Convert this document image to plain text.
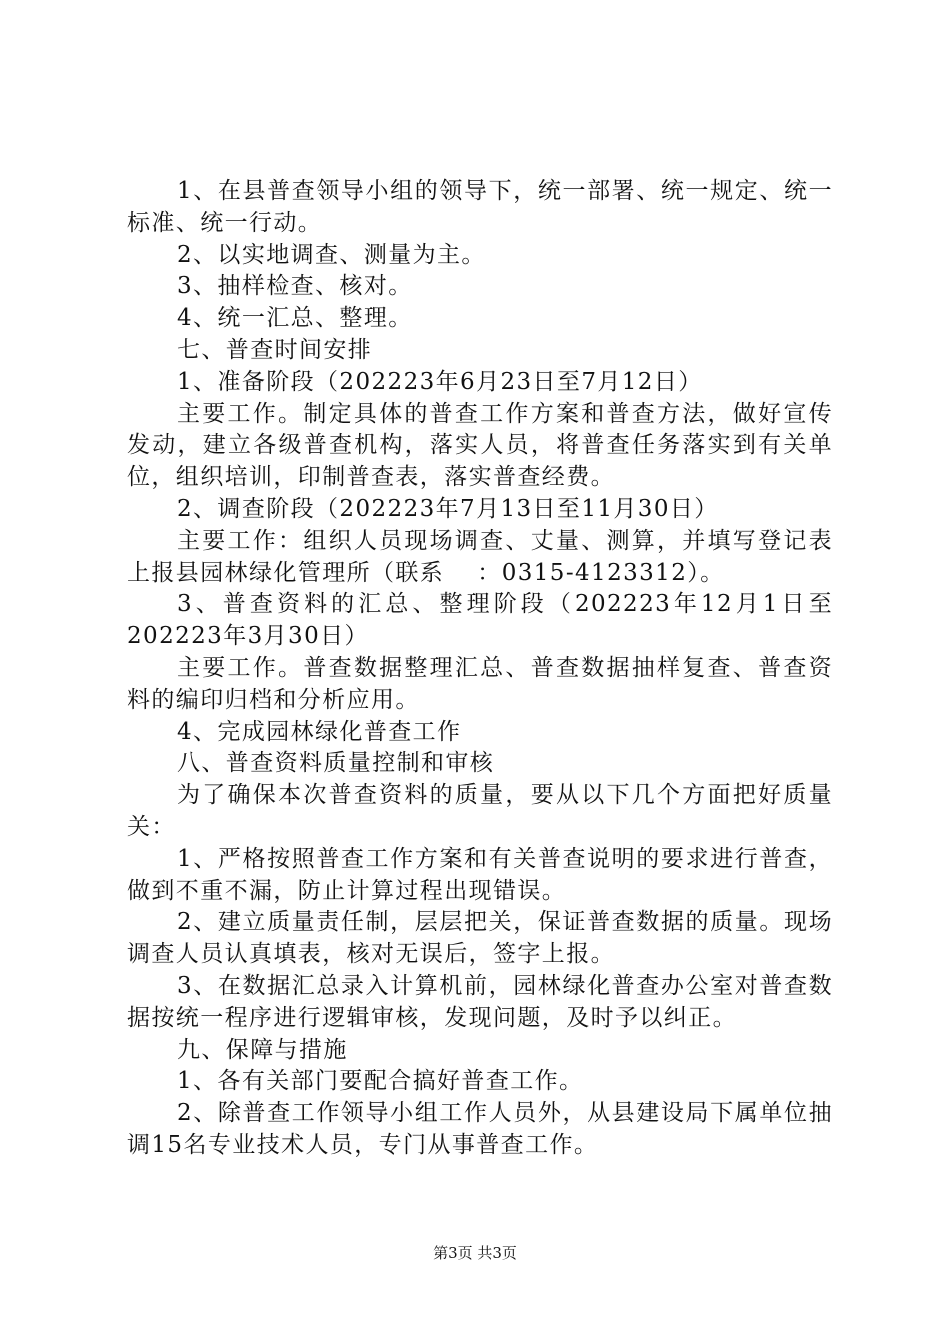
1、在县普查领导小组的领导下，统一部署、统一规定、统一标准、统一行动。

2、以实地调查、测量为主。

3、抽样检查、核对。

4、统一汇总、整理。

七、普查时间安排

1、准备阶段（202223年6月23日至7月12日）

主要工作。制定具体的普查工作方案和普查方法，做好宣传发动，建立各级普查机构，落实人员，将普查任务落实到有关单位，组织培训，印制普查表，落实普查经费。

2、调查阶段（202223年7月13日至11月30日）

主要工作：组织人员现场调查、丈量、测算，并填写登记表上报县园林绿化管理所（联系　 ：0315-4123312）。

3、普查资料的汇总、整理阶段（202223年12月1日至202223年3月30日）

主要工作。普查数据整理汇总、普查数据抽样复查、普查资料的编印归档和分析应用。

4、完成园林绿化普查工作

八、普查资料质量控制和审核

为了确保本次普查资料的质量，要从以下几个方面把好质量关：

1、严格按照普查工作方案和有关普查说明的要求进行普查，做到不重不漏，防止计算过程出现错误。

2、建立质量责任制，层层把关，保证普查数据的质量。现场调查人员认真填表，核对无误后，签字上报。

3、在数据汇总录入计算机前，园林绿化普查办公室对普查数据按统一程序进行逻辑审核，发现问题，及时予以纠正。

九、保障与措施

1、各有关部门要配合搞好普查工作。

2、除普查工作领导小组工作人员外，从县建设局下属单位抽调15名专业技术人员，专门从事普查工作。

第3页 共3页
